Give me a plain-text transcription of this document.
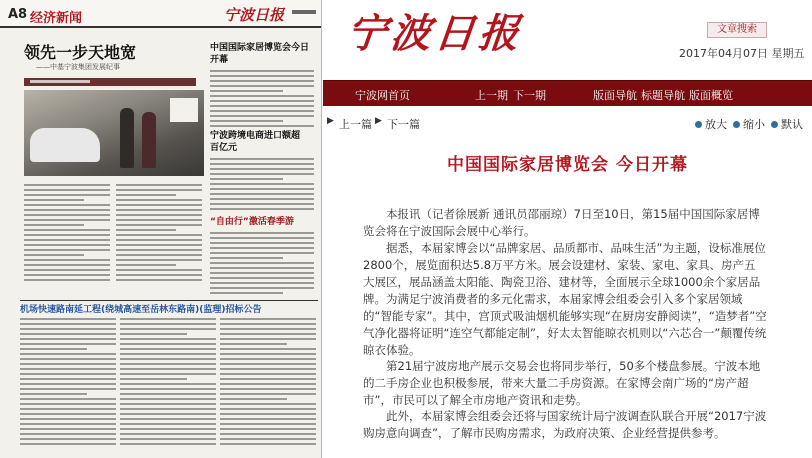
A8 经济新闻	宁波日报
领先一步天地宽
——中基宁波集团发展纪事
中国国际家居博览会今日开幕
宁波跨境电商进口额超百亿元
“自由行”激活春季游
机场快速路南延工程(绕城高速至岳林东路南)(监理)招标公告
宁波日报	文章搜索
2017年04月07日 星期五
宁波网首页	上一期 下一期	版面导航 标题导航 版面概览
▶ 上一篇 ▶ 下一篇	放大	缩小	默认
中国国际家居博览会 今日开幕

本报讯（记者徐展新 通讯员邵丽琼）7日至10日，第15届中国国际家居博览会将在宁波国际会展中心举行。

据悉，本届家博会以“品牌家居、品质都市、品味生活”为主题，设标准展位2800个，展览面积达5.8万平方米。展会设建材、家装、家电、家具、房产五大展区，展品涵盖太阳能、陶瓷卫浴、建材等，全面展示全球1000余个家居品牌。 为满足宁波消费者的多元化需求，本届家博会组委会引入多个家居领域的“智能专家”。其中，宫顶式吸油烟机能够实现“在厨房安静阅读”，“造梦者”空气净化器将证明“连空气都能定制”，好太太智能晾衣机则以“六芯合一”颠覆传统晾衣体验。

第21届宁波房地产展示交易会也将同步举行，50多个楼盘参展。宁波本地的二手房企业也积极参展，带来大量二手房资源。在家博会南广场的“房产超市”，市民可以了解全市房地产资讯和走势。

此外，本届家博会组委会还将与国家统计局宁波调查队联合开展“2017宁波购房意向调查”，了解市民购房需求，为政府决策、企业经营提供参考。
